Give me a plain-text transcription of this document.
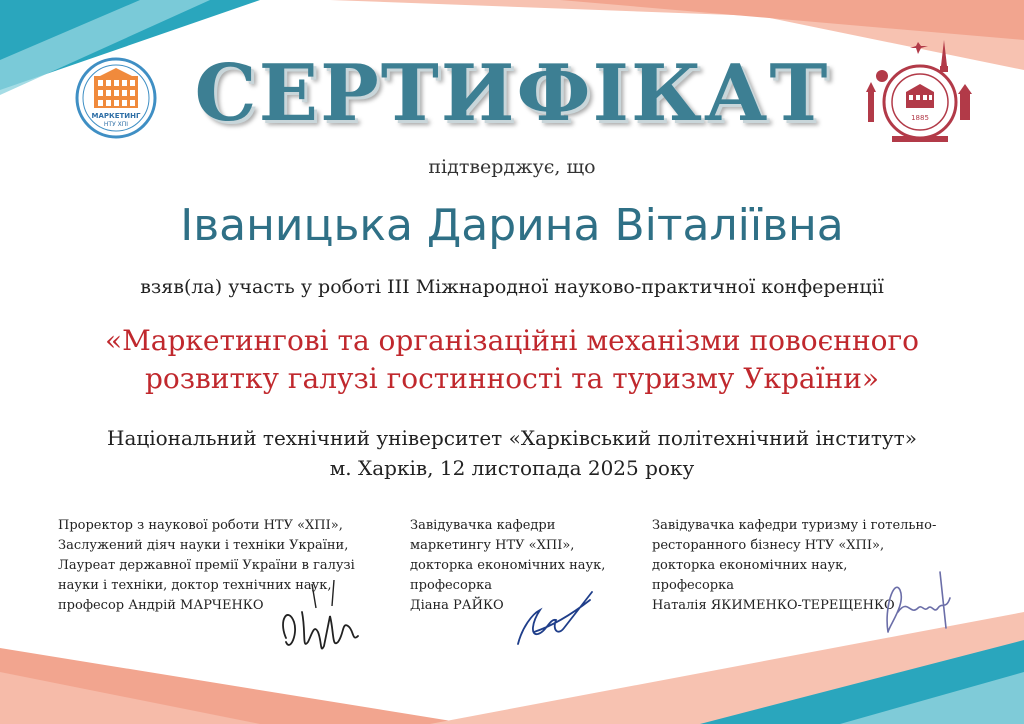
МАРКЕТИНГ
НТУ ХПІ
1885
СЕРТИФІКАТ
підтверджує, що
Іваницька Дарина Віталіївна
взяв(ла) участь у роботі ІІІ Міжнародної науково-практичної конференції
«Маркетингові та організаційні механізми повоєнного
розвитку галузі гостинності та туризму України»
Національний технічний університет «Харківський політехнічний інститут»
м. Харків, 12 листопада 2025 року
Проректор з наукової роботи НТУ «ХПІ»,
Заслужений діяч науки і техніки України,
Лауреат державної премії України в галузі
науки і техніки, доктор технічних наук,
професор Андрій МАРЧЕНКО
Завідувачка кафедри
маркетингу НТУ «ХПІ»,
докторка економічних наук,
професорка
Діана РАЙКО
Завідувачка кафедри туризму і готельно-
ресторанного бізнесу НТУ «ХПІ»,
докторка економічних наук,
професорка
Наталія ЯКИМЕНКО-ТЕРЕЩЕНКО
